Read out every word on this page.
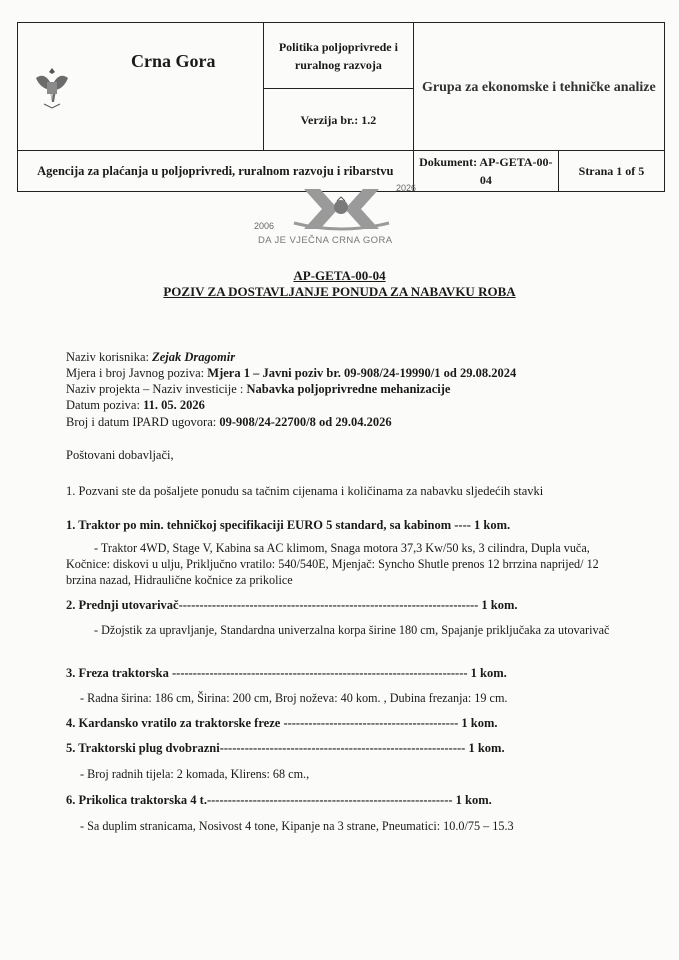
Crna Gora	Politika poljoprivrede i ruralnog razvoja	Grupa za ekonomske i tehničke analize	
	Verzija br.: 1.2		
Agencija za plaćanja u poljoprivredi, ruralnom razvoju i ribarstvu		Dokument: AP-GETA-00-04	Strana 1 of 5
2006
2026
DA JE VJEČNA CRNA GORA
AP-GETA-00-04
POZIV ZA DOSTAVLJANJE PONUDA ZA NABAVKU ROBA
Naziv korisnika: Zejak Dragomir
Mjera i broj Javnog poziva: Mjera 1 – Javni poziv br. 09-908/24-19990/1 od 29.08.2024
Naziv projekta – Naziv investicije : Nabavka poljoprivredne mehanizacije
Datum poziva: 11. 05. 2026
Broj i datum IPARD ugovora: 09-908/24-22700/8 od 29.04.2026
Poštovani dobavljači,
1. Pozvani ste da pošaljete ponudu sa tačnim cijenama i količinama za nabavku sljedećih stavki
1. Traktor po min. tehničkoj specifikaciji EURO 5 standard, sa kabinom ---- 1 kom.
- Traktor 4WD, Stage V, Kabina sa AC klimom, Snaga motora 37,3 Kw/50 ks, 3 cilindra, Dupla vuča, Kočnice: diskovi u ulju, Priključno vratilo: 540/540E, Mjenjač: Syncho Shutle prenos 12 brrzina naprijed/ 12 brzina nazad, Hidraulične kočnice za prikolice
2. Prednji utovarivač------------------------------------------------------------------------ 1 kom.
- Džojstik za upravljanje, Standardna univerzalna korpa širine 180 cm, Spajanje priključaka za utovarivač
3. Freza traktorska ----------------------------------------------------------------------- 1 kom.
- Radna širina: 186 cm, Širina: 200 cm, Broj noževa: 40 kom. , Dubina frezanja: 19 cm.
4. Kardansko vratilo za traktorske freze ------------------------------------------ 1 kom.
5. Traktorski plug dvobrazni----------------------------------------------------------- 1 kom.
- Broj radnih tijela: 2 komada, Klirens: 68 cm.,
6. Prikolica traktorska 4 t.----------------------------------------------------------- 1 kom.
- Sa duplim stranicama, Nosivost 4 tone, Kipanje na 3 strane, Pneumatici: 10.0/75 – 15.3
